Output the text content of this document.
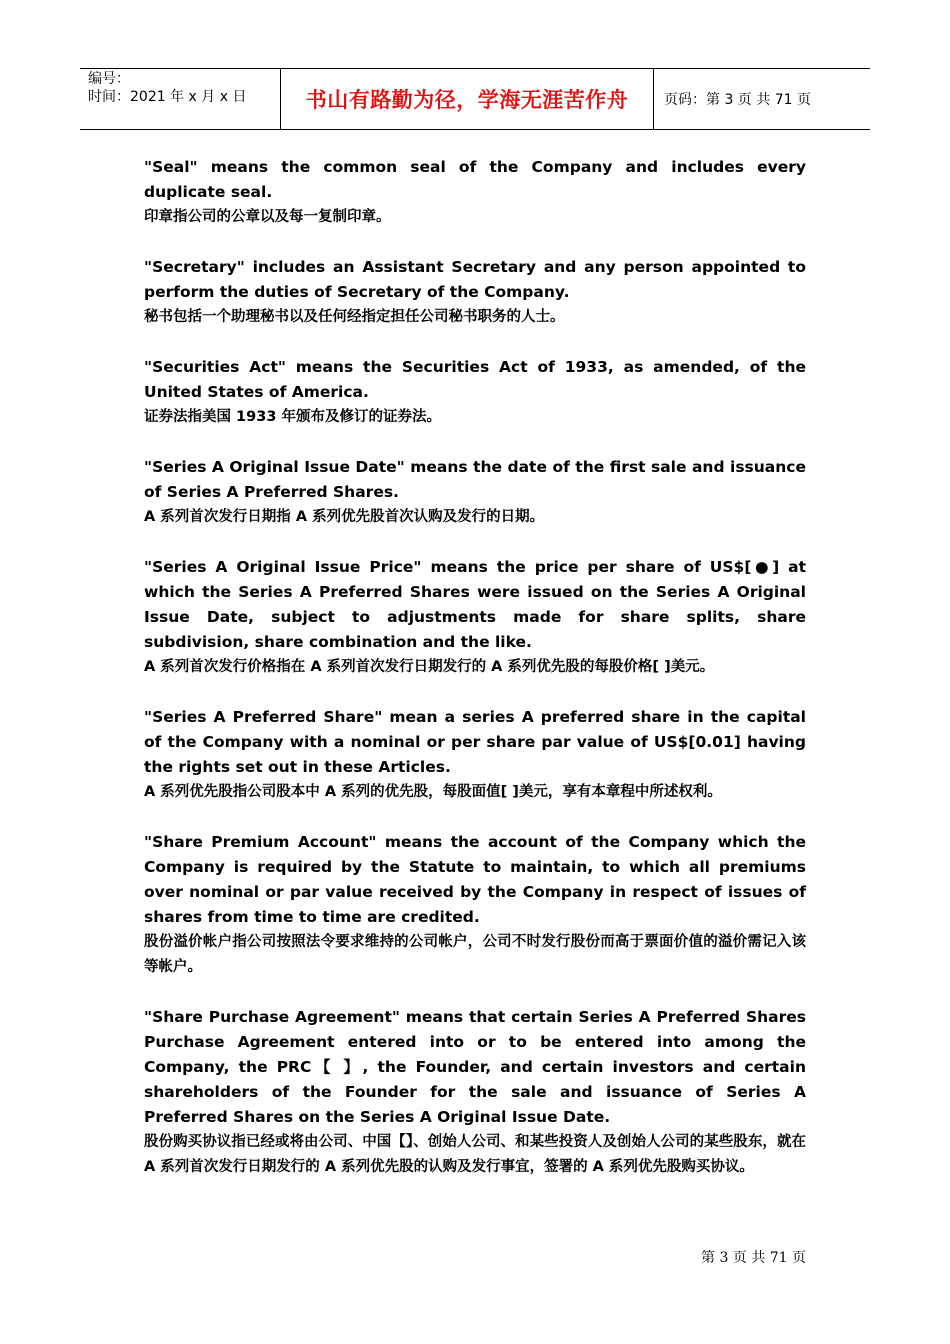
编号：
时间：2021 年 x 月 x 日	书山有路勤为径，学海无涯苦作舟	页码：第 3 页 共 71 页

"Seal" means the common seal of the Company and includes every duplicate seal.

印章指公司的公章以及每一复制印章。

"Secretary" includes an Assistant Secretary and any person appointed to perform the duties of Secretary of the Company.

秘书包括一个助理秘书以及任何经指定担任公司秘书职务的人士。

"Securities Act" means the Securities Act of 1933, as amended, of the United States of America.

证券法指美国 1933 年颁布及修订的证券法。

"Series A Original Issue Date" means the date of the first sale and issuance of Series A Preferred Shares.

A 系列首次发行日期指 A 系列优先股首次认购及发行的日期。

"Series A Original Issue Price" means the price per share of US$[●] at which the Series A Preferred Shares were issued on the Series A Original Issue Date, subject to adjustments made for share splits, share subdivision, share combination and the like.

A 系列首次发行价格指在 A 系列首次发行日期发行的 A 系列优先股的每股价格[ ]美元。

"Series A Preferred Share" mean a series A preferred share in the capital of the Company with a nominal or per share par value of US$[0.01] having the rights set out in these Articles.

A 系列优先股指公司股本中 A 系列的优先股，每股面值[ ]美元，享有本章程中所述权利。

"Share Premium Account" means the account of the Company which the Company is required by the Statute to maintain, to which all premiums over nominal or par value received by the Company in respect of issues of shares from time to time are credited.

股份溢价帐户指公司按照法令要求维持的公司帐户，公司不时发行股份而高于票面价值的溢价需记入该等帐户。

"Share Purchase Agreement" means that certain Series A Preferred Shares Purchase Agreement entered into or to be entered into among the Company, the PRC【 】, the Founder, and certain investors and certain shareholders of the Founder for the sale and issuance of Series A Preferred Shares on the Series A Original Issue Date.

股份购买协议指已经或将由公司、中国【】、创始人公司、和某些投资人及创始人公司的某些股东，就在 A 系列首次发行日期发行的 A 系列优先股的认购及发行事宜，签署的 A 系列优先股购买协议。

第 3 页 共 71 页
